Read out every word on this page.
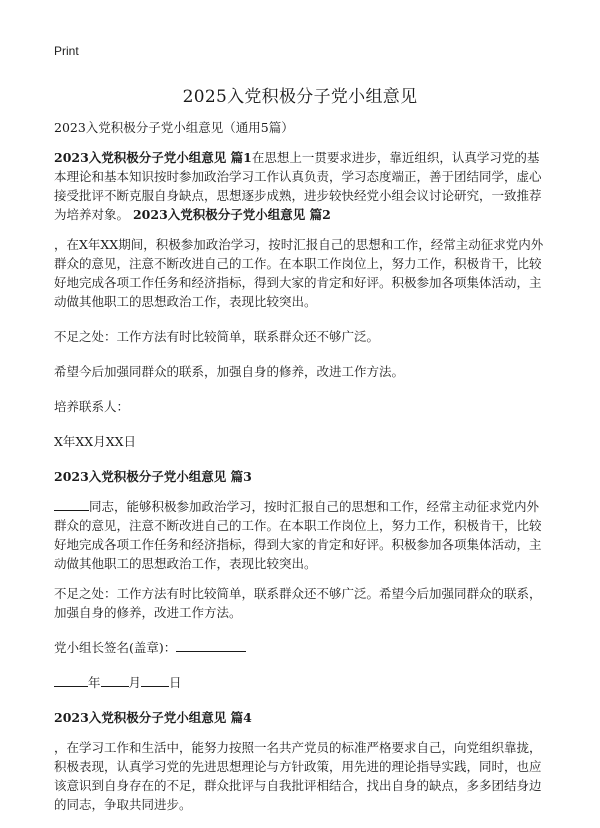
Print
2025入党积极分子党小组意见
2023入党积极分子党小组意见（通用5篇）

2023入党积极分子党小组意见 篇1在思想上一贯要求进步，靠近组织，认真学习党的基本理论和基本知识按时参加政治学习工作认真负责，学习态度端正，善于团结同学，虚心接受批评不断克服自身缺点，思想逐步成熟，进步较快经党小组会议讨论研究，一致推荐为培养对象。 2023入党积极分子党小组意见 篇2

，在X年XX期间，积极参加政治学习，按时汇报自己的思想和工作，经常主动征求党内外群众的意见，注意不断改进自己的工作。在本职工作岗位上，努力工作，积极肯干，比较好地完成各项工作任务和经济指标，得到大家的肯定和好评。积极参加各项集体活动，主动做其他职工的思想政治工作，表现比较突出。

不足之处：工作方法有时比较简单，联系群众还不够广泛。

希望今后加强同群众的联系，加强自身的修养，改进工作方法。

培养联系人：

X年XX月XX日

2023入党积极分子党小组意见 篇3

同志，能够积极参加政治学习，按时汇报自己的思想和工作，经常主动征求党内外群众的意见，注意不断改进自己的工作。在本职工作岗位上，努力工作，积极肯干，比较好地完成各项工作任务和经济指标，得到大家的肯定和好评。积极参加各项集体活动，主动做其他职工的思想政治工作，表现比较突出。

不足之处：工作方法有时比较简单，联系群众还不够广泛。希望今后加强同群众的联系，加强自身的修养，改进工作方法。

党小组长签名(盖章)：

年 月 日

2023入党积极分子党小组意见 篇4

，在学习工作和生活中，能努力按照一名共产党员的标准严格要求自己，向党组织靠拢，积极表现，认真学习党的先进思想理论与方针政策，用先进的理论指导实践，同时，也应该意识到自身存在的不足，群众批评与自我批评相结合，找出自身的缺点，多多团结身边的同志，争取共同进步。
